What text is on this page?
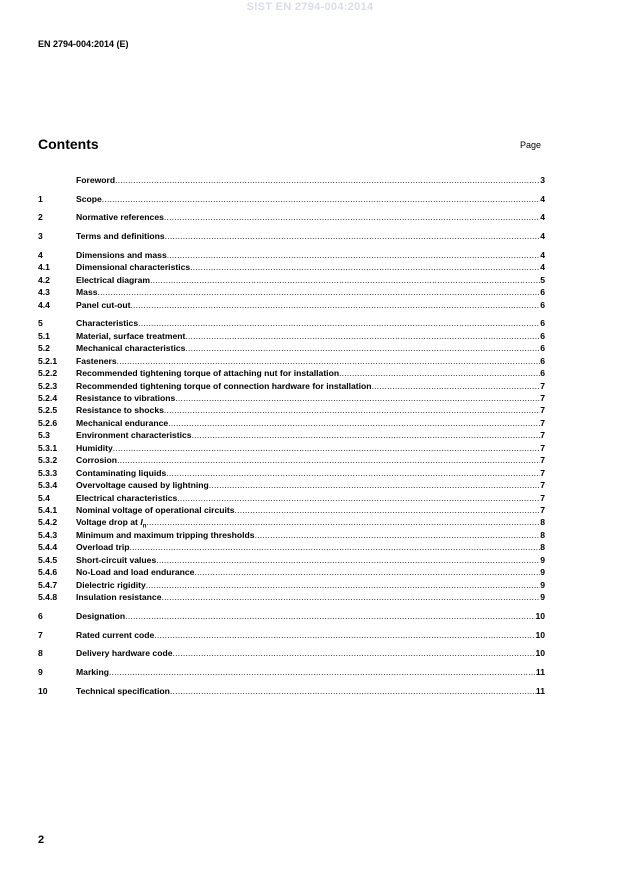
SIST EN 2794-004:2014
EN 2794-004:2014 (E)
Contents	Page
Foreword .....	3
1	Scope .....	4
2	Normative references .....	4
3	Terms and definitions .....	4
4	Dimensions and mass .....	4
4.1	Dimensional characteristics .....	4
4.2	Electrical diagram .....	5
4.3	Mass .....	6
4.4	Panel cut-out .....	6
5	Characteristics .....	6
5.1	Material, surface treatment .....	6
5.2	Mechanical characteristics .....	6
5.2.1	Fasteners .....	6
5.2.2	Recommended tightening torque of attaching nut for installation .....	6
5.2.3	Recommended tightening torque of connection hardware for installation .....	7
5.2.4	Resistance to vibrations .....	7
5.2.5	Resistance to shocks .....	7
5.2.6	Mechanical endurance .....	7
5.3	Environment characteristics .....	7
5.3.1	Humidity .....	7
5.3.2	Corrosion .....	7
5.3.3	Contaminating liquids .....	7
5.3.4	Overvoltage caused by lightning .....	7
5.4	Electrical characteristics .....	7
5.4.1	Nominal voltage of operational circuits .....	7
5.4.2	Voltage drop at $I_n$ .....	8
5.4.3	Minimum and maximum tripping thresholds .....	8
5.4.4	Overload trip .....	8
5.4.5	Short-circuit values .....	9
5.4.6	No-Load and load endurance .....	9
5.4.7	Dielectric rigidity .....	9
5.4.8	Insulation resistance .....	9
6	Designation .....	10
7	Rated current code .....	10
8	Delivery hardware code .....	10
9	Marking .....	11
10	Technical specification .....	11
2
